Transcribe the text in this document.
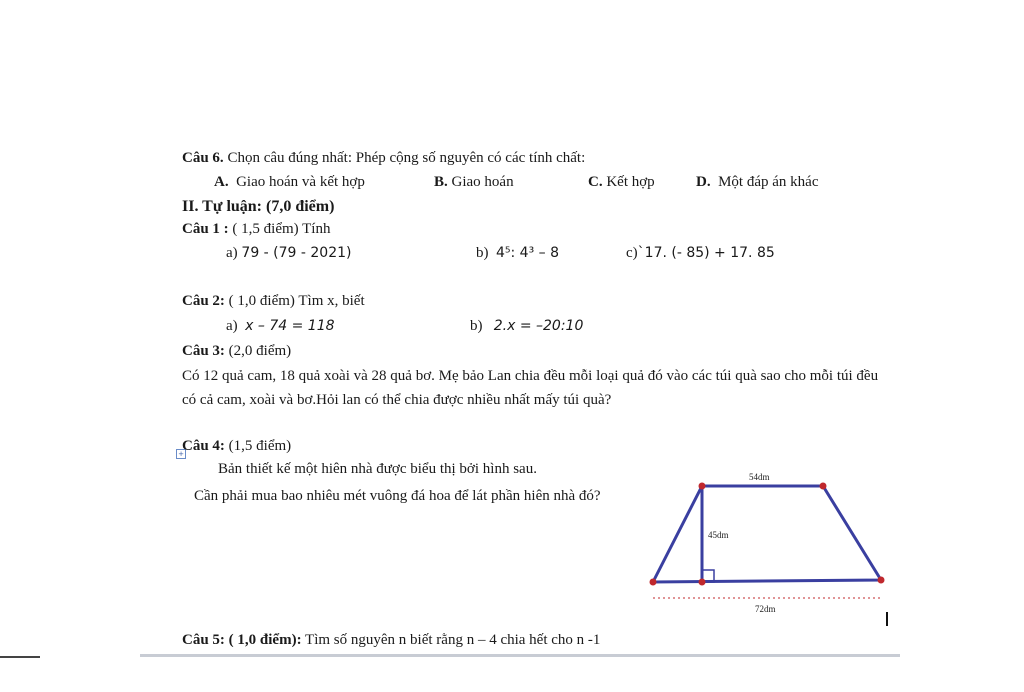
Câu 6. Chọn câu đúng nhất: Phép cộng số nguyên có các tính chất:
A. Giao hoán và kết hợp	B. Giao hoán	C. Kết hợp	D. Một đáp án khác
II. Tự luận: (7,0 điểm)
Câu 1 : ( 1,5 điểm) Tính
a) 79 - (79 - 2021)	b) 4⁵: 4³ – 8	c)`17. (- 85) + 17. 85
Câu 2: ( 1,0 điểm) Tìm x, biết
a) x – 74 = 118	b) 2.x = –20:10
Câu 3: (2,0 điểm)
Có 12 quả cam, 18 quả xoài và 28 quả bơ. Mẹ bảo Lan chia đều mỗi loại quả đó vào các túi quà sao cho mỗi túi đều có cả cam, xoài và bơ.Hỏi lan có thể chia được nhiều nhất mấy túi quà?
+
Câu 4: (1,5 điểm)
Bản thiết kế một hiên nhà được biểu thị bởi hình sau.
Cần phải mua bao nhiêu mét vuông đá hoa để lát phần hiên nhà đó?
54dm
45dm
72dm
Câu 5: ( 1,0 điểm): Tìm số nguyên n biết rằng n – 4 chia hết cho n -1
